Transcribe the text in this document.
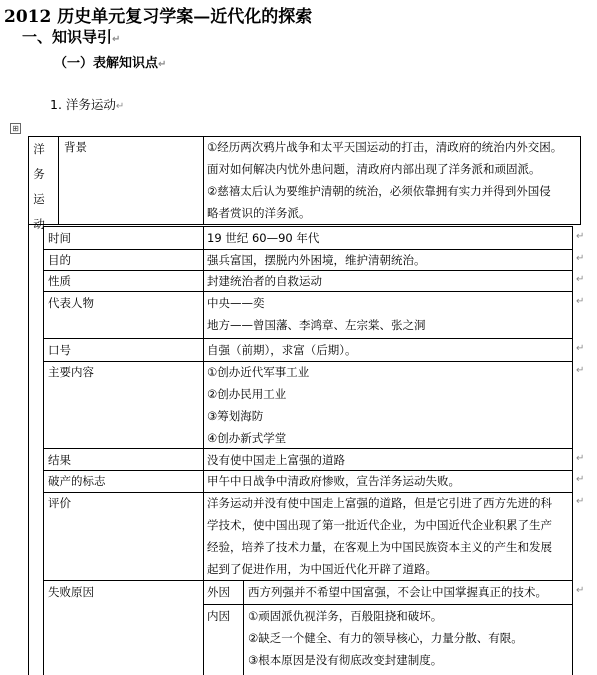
2012 历史单元复习学案—近代化的探索
一、知识导引↵
（一）表解知识点↵
1. 洋务运动↵
⊞
洋
务
运
动
背景	①经历两次鸦片战争和太平天国运动的打击，清政府的统治内外交困。
面对如何解决内忧外患问题，清政府内部出现了洋务派和顽固派。
②慈禧太后认为要维护清朝的统治，必须依靠拥有实力并得到外国侵
略者赏识的洋务派。
时间	19 世纪 60—90 年代
目的	强兵富国，摆脱内外困境，维护清朝统治。
性质	封建统治者的自救运动
代表人物	中央——奕
地方——曾国藩、李鸿章、左宗棠、张之洞
口号	自强（前期），求富（后期）。
主要内容	①创办近代军事工业
②创办民用工业
③筹划海防
④创办新式学堂
结果	没有使中国走上富强的道路
破产的标志	甲午中日战争中清政府惨败，宣告洋务运动失败。
评价	洋务运动并没有使中国走上富强的道路，但是它引进了西方先进的科
学技术，使中国出现了第一批近代企业，为中国近代企业积累了生产
经验，培养了技术力量，在客观上为中国民族资本主义的产生和发展
起到了促进作用，为中国近代化开辟了道路。
失败原因	外因 西方列强并不希望中国富强，不会让中国掌握真正的技术。
内因 ①顽固派仇视洋务，百般阻挠和破坏。
②缺乏一个健全、有力的领导核心，力量分散、有限。
③根本原因是没有彻底改变封建制度。
↵
↵
↵
↵
↵
↵
↵
↵
↵
↵
